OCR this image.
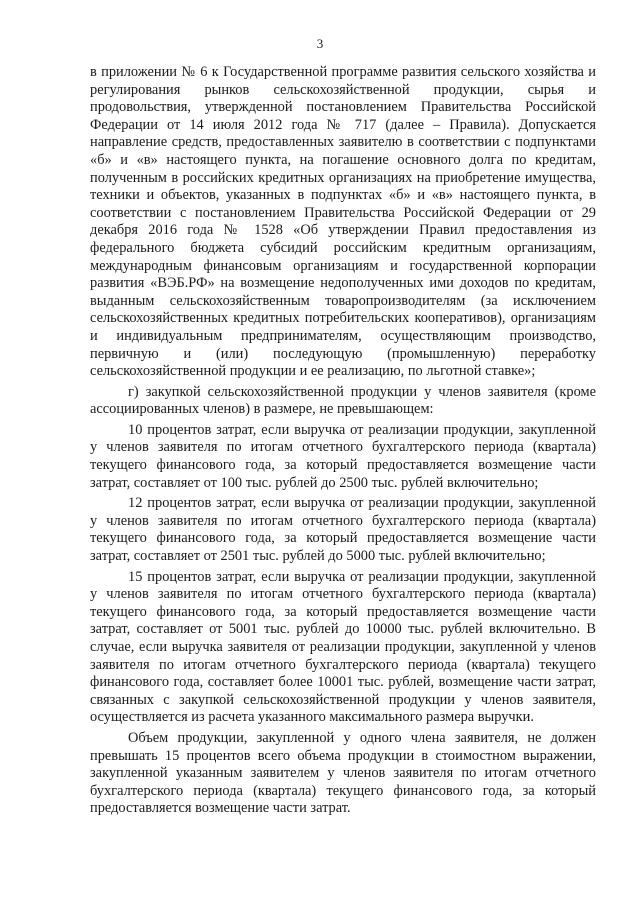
3

в приложении № 6 к Государственной программе развития сельского хозяйства и регулирования рынков сельскохозяйственной продукции, сырья и продовольствия, утвержденной постановлением Правительства Российской Федерации от 14 июля 2012 года № 717 (далее – Правила). Допускается направление средств, предоставленных заявителю в соответствии с подпунктами «б» и «в» настоящего пункта, на погашение основного долга по кредитам, полученным в российских кредитных организациях на приобретение имущества, техники и объектов, указанных в подпунктах «б» и «в» настоящего пункта, в соответствии с постановлением Правительства Российской Федерации от 29 декабря 2016 года № 1528 «Об утверждении Правил предоставления из федерального бюджета субсидий российским кредитным организациям, международным финансовым организациям и государственной корпорации развития «ВЭБ.РФ» на возмещение недополученных ими доходов по кредитам, выданным сельскохозяйственным товаропроизводителям (за исключением сельскохозяйственных кредитных потребительских кооперативов), организациям и индивидуальным предпринимателям, осуществляющим производство, первичную и (или) последующую (промышленную) переработку сельскохозяйственной продукции и ее реализацию, по льготной ставке»;

г) закупкой сельскохозяйственной продукции у членов заявителя (кроме ассоциированных членов) в размере, не превышающем:

10 процентов затрат, если выручка от реализации продукции, закупленной у членов заявителя по итогам отчетного бухгалтерского периода (квартала) текущего финансового года, за который предоставляется возмещение части затрат, составляет от 100 тыс. рублей до 2500 тыс. рублей включительно;

12 процентов затрат, если выручка от реализации продукции, закупленной у членов заявителя по итогам отчетного бухгалтерского периода (квартала) текущего финансового года, за который предоставляется возмещение части затрат, составляет от 2501 тыс. рублей до 5000 тыс. рублей включительно;

15 процентов затрат, если выручка от реализации продукции, закупленной у членов заявителя по итогам отчетного бухгалтерского периода (квартала) текущего финансового года, за который предоставляется возмещение части затрат, составляет от 5001 тыс. рублей до 10000 тыс. рублей включительно. В случае, если выручка заявителя от реализации продукции, закупленной у членов заявителя по итогам отчетного бухгалтерского периода (квартала) текущего финансового года, составляет более 10001 тыс. рублей, возмещение части затрат, связанных с закупкой сельскохозяйственной продукции у членов заявителя, осуществляется из расчета указанного максимального размера выручки.

Объем продукции, закупленной у одного члена заявителя, не должен превышать 15 процентов всего объема продукции в стоимостном выражении, закупленной указанным заявителем у членов заявителя по итогам отчетного бухгалтерского периода (квартала) текущего финансового года, за который предоставляется возмещение части затрат.
